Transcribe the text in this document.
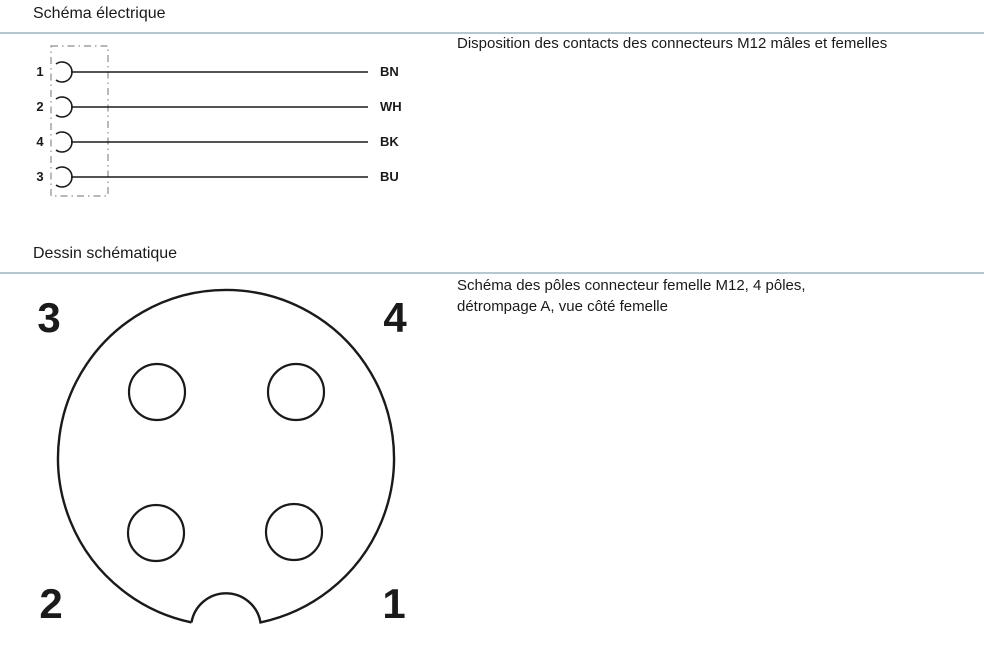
Schéma électrique
1
2
4
3
BN
WH
BK
BU
Disposition des contacts des connecteurs M12 mâles et femelles
Dessin schématique
3	4
2	1
Schéma des pôles connecteur femelle M12, 4 pôles,
détrompage A, vue côté femelle
